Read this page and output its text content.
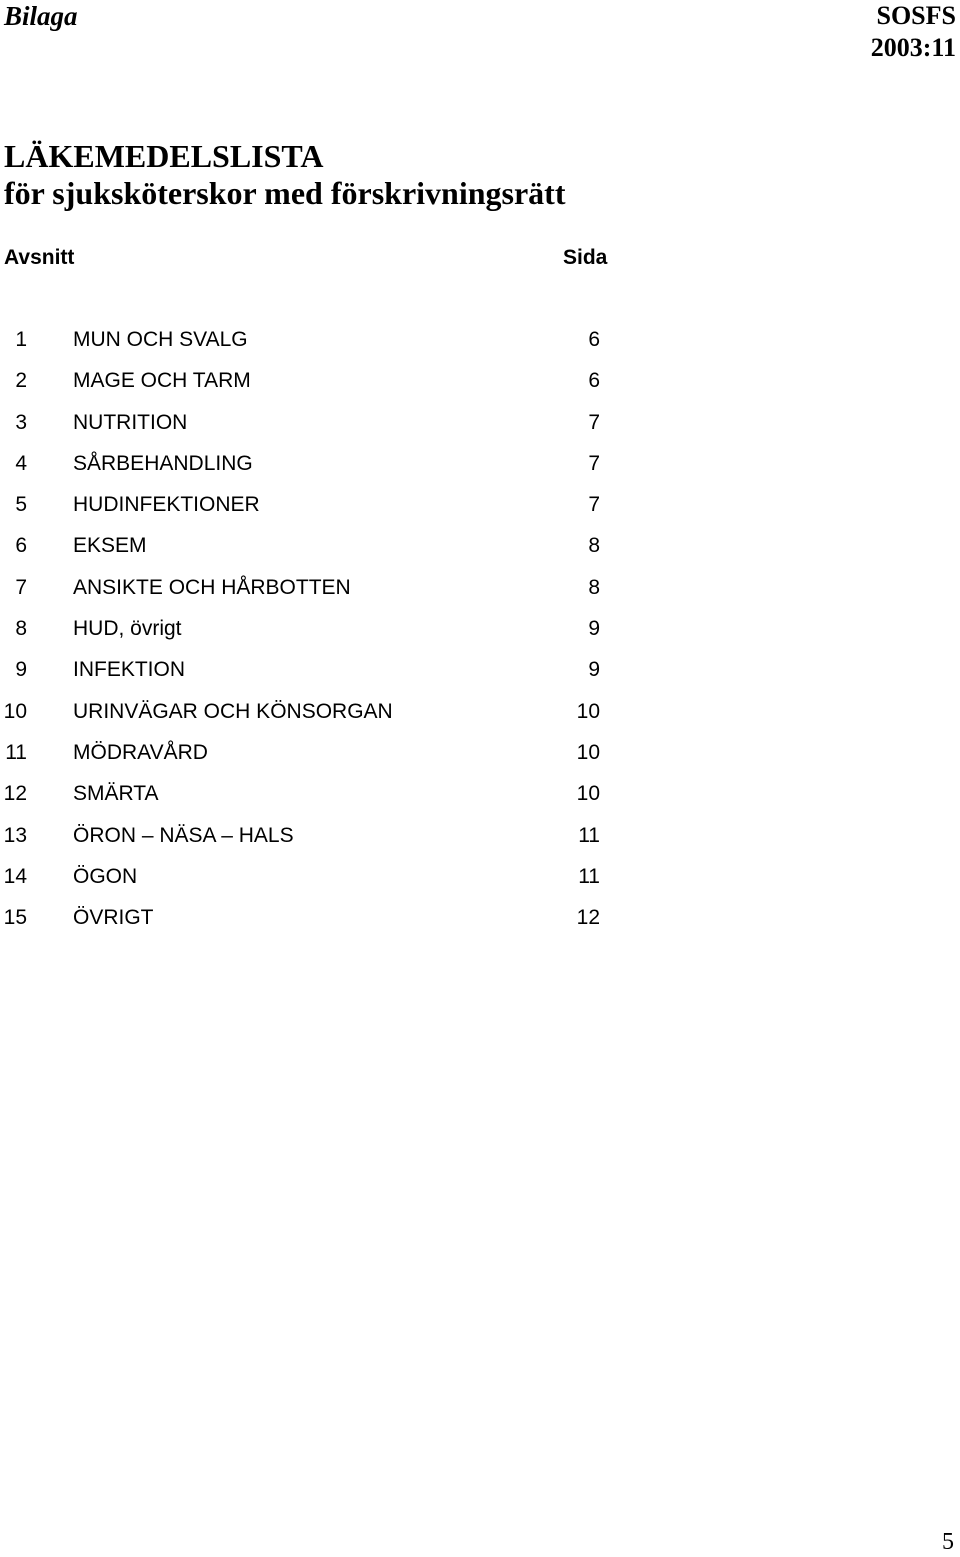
Bilaga	SOSFS
2003:11
LÄKEMEDELSLISTA
för sjuksköterskor med förskrivningsrätt
Avsnitt	Sida
1 MUN OCH SVALG	6
2 MAGE OCH TARM	6
3 NUTRITION	7
4 SÅRBEHANDLING	7
5 HUDINFEKTIONER	7
6 EKSEM	8
7 ANSIKTE OCH HÅRBOTTEN	8
8 HUD, övrigt	9
9 INFEKTION	9
10 URINVÄGAR OCH KÖNSORGAN	10
11 MÖDRAVÅRD	10
12 SMÄRTA	10
13 ÖRON – NÄSA – HALS	11
14 ÖGON	11
15 ÖVRIGT	12
5
